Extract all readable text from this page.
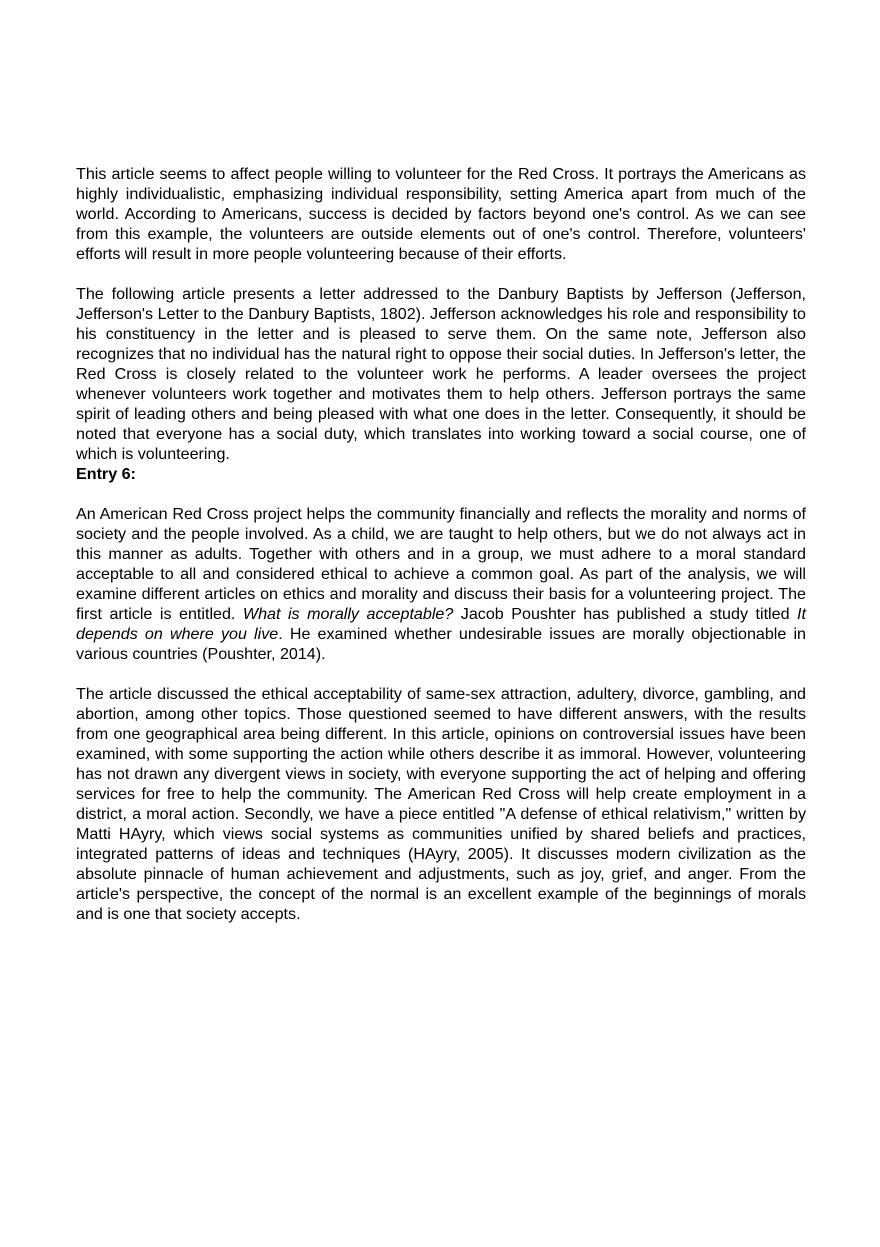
This article seems to affect people willing to volunteer for the Red Cross. It portrays the Americans as highly individualistic, emphasizing individual responsibility, setting America apart from much of the world. According to Americans, success is decided by factors beyond one's control. As we can see from this example, the volunteers are outside elements out of one's control. Therefore, volunteers' efforts will result in more people volunteering because of their efforts.

The following article presents a letter addressed to the Danbury Baptists by Jefferson (Jefferson, Jefferson's Letter to the Danbury Baptists, 1802). Jefferson acknowledges his role and responsibility to his constituency in the letter and is pleased to serve them. On the same note, Jefferson also recognizes that no individual has the natural right to oppose their social duties. In Jefferson's letter, the Red Cross is closely related to the volunteer work he performs. A leader oversees the project whenever volunteers work together and motivates them to help others. Jefferson portrays the same spirit of leading others and being pleased with what one does in the letter. Consequently, it should be noted that everyone has a social duty, which translates into working toward a social course, one of which is volunteering.

Entry 6:

An American Red Cross project helps the community financially and reflects the morality and norms of society and the people involved. As a child, we are taught to help others, but we do not always act in this manner as adults. Together with others and in a group, we must adhere to a moral standard acceptable to all and considered ethical to achieve a common goal. As part of the analysis, we will examine different articles on ethics and morality and discuss their basis for a volunteering project. The first article is entitled. What is morally acceptable? Jacob Poushter has published a study titled It depends on where you live. He examined whether undesirable issues are morally objectionable in various countries (Poushter, 2014).

The article discussed the ethical acceptability of same-sex attraction, adultery, divorce, gambling, and abortion, among other topics. Those questioned seemed to have different answers, with the results from one geographical area being different. In this article, opinions on controversial issues have been examined, with some supporting the action while others describe it as immoral. However, volunteering has not drawn any divergent views in society, with everyone supporting the act of helping and offering services for free to help the community. The American Red Cross will help create employment in a district, a moral action. Secondly, we have a piece entitled "A defense of ethical relativism," written by Matti HAyry, which views social systems as communities unified by shared beliefs and practices, integrated patterns of ideas and techniques (HAyry, 2005). It discusses modern civilization as the absolute pinnacle of human achievement and adjustments, such as joy, grief, and anger. From the article's perspective, the concept of the normal is an excellent example of the beginnings of morals and is one that society accepts.
